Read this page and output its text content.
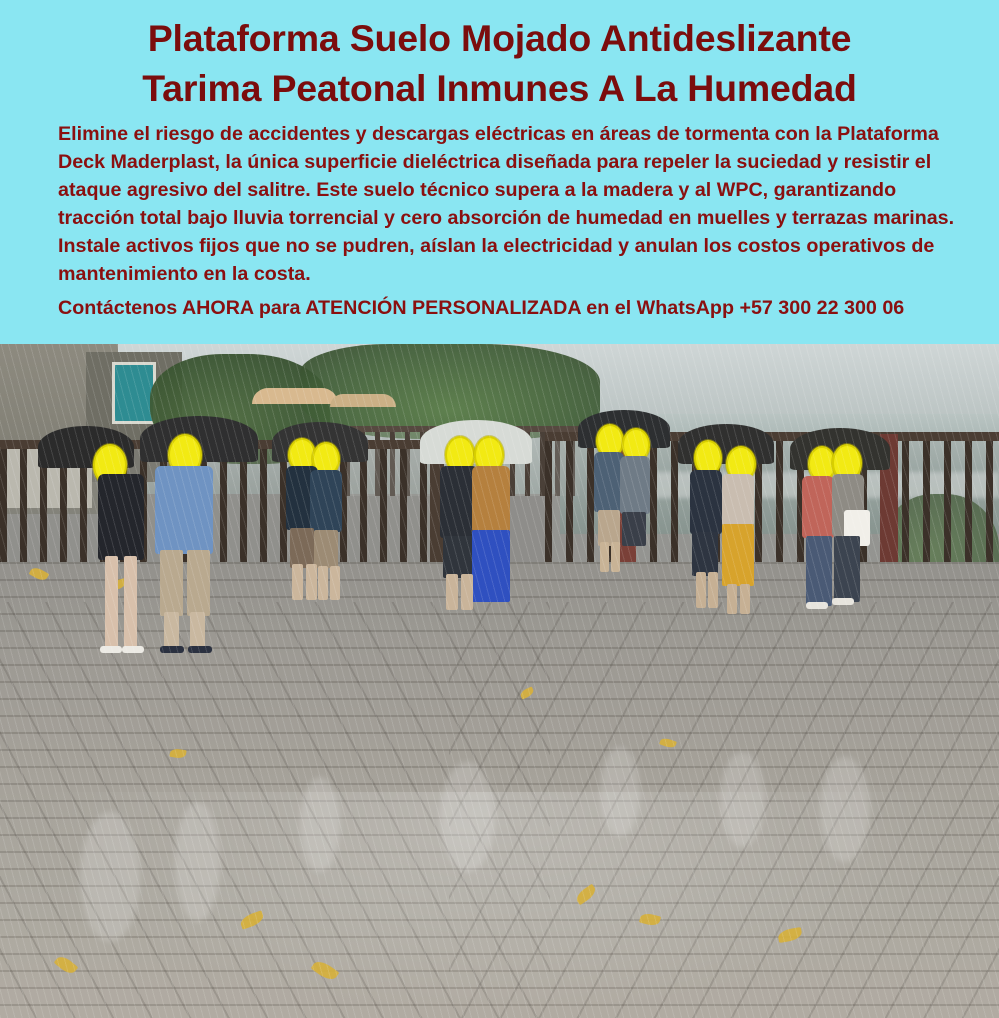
Plataforma Suelo Mojado Antideslizante
Tarima Peatonal Inmunes A La Humedad

Elimine el riesgo de accidentes y descargas eléctricas en áreas de tormenta con la Plataforma Deck Maderplast, la única superficie dieléctrica diseñada para repeler la suciedad y resistir el ataque agresivo del salitre. Este suelo técnico supera a la madera y al WPC, garantizando tracción total bajo lluvia torrencial y cero absorción de humedad en muelles y terrazas marinas. Instale activos fijos que no se pudren, aíslan la electricidad y anulan los costos operativos de mantenimiento en la costa.

Contáctenos AHORA para ATENCIÓN PERSONALIZADA en el WhatsApp +57 300 22 300 06
